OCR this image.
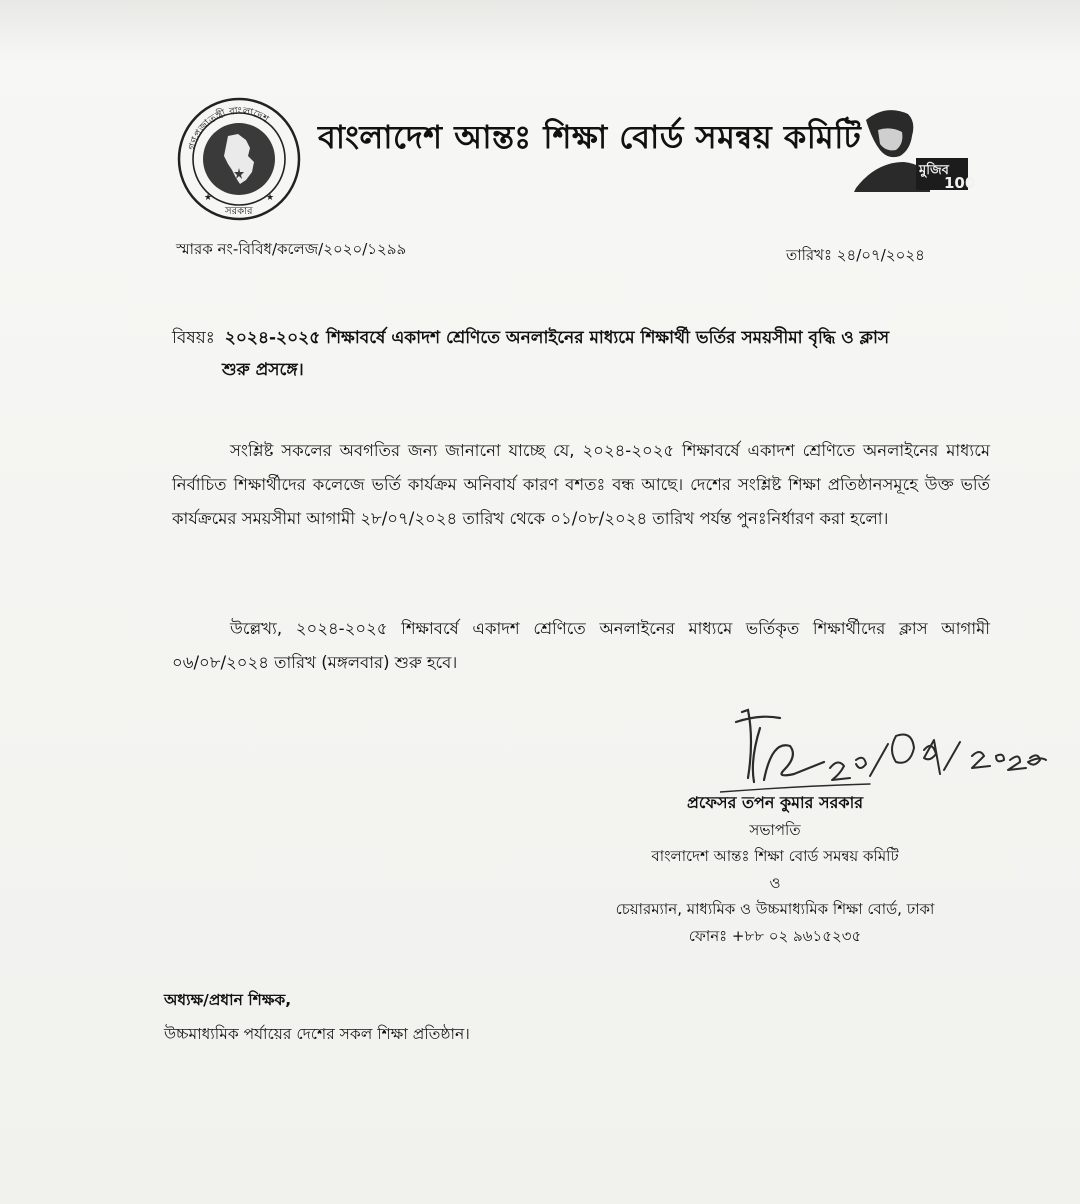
★	★
গণপ্রজাতন্ত্রী বাংলাদেশ
সরকার
বাংলাদেশ আন্তঃ শিক্ষা বোর্ড সমন্বয় কমিটি
মুজিব
100
স্মারক নং-বিবিধ/কলেজ/২০২০/১২৯৯	তারিখঃ ২৪/০৭/২০২৪
বিষয়ঃ ২০২৪-২০২৫ শিক্ষাবর্ষে একাদশ শ্রেণিতে অনলাইনের মাধ্যমে শিক্ষার্থী ভর্তির সময়সীমা বৃদ্ধি ও ক্লাস
শুরু প্রসঙ্গে।
সংশ্লিষ্ট সকলের অবগতির জন্য জানানো যাচ্ছে যে, ২০২৪-২০২৫ শিক্ষাবর্ষে একাদশ শ্রেণিতে অনলাইনের মাধ্যমে নির্বাচিত শিক্ষার্থীদের কলেজে ভর্তি কার্যক্রম অনিবার্য কারণ বশতঃ বন্ধ আছে। দেশের সংশ্লিষ্ট শিক্ষা প্রতিষ্ঠানসমূহে উক্ত ভর্তি কার্যক্রমের সময়সীমা আগামী ২৮/০৭/২০২৪ তারিখ থেকে ০১/০৮/২০২৪ তারিখ পর্যন্ত পুনঃনির্ধারণ করা হলো।
উল্লেখ্য, ২০২৪-২০২৫ শিক্ষাবর্ষে একাদশ শ্রেণিতে অনলাইনের মাধ্যমে ভর্তিকৃত শিক্ষার্থীদের ক্লাস আগামী ০৬/০৮/২০২৪ তারিখ (মঙ্গলবার) শুরু হবে।
প্রফেসর তপন কুমার সরকার
সভাপতি
বাংলাদেশ আন্তঃ শিক্ষা বোর্ড সমন্বয় কমিটি
ও
চেয়ারম্যান, মাধ্যমিক ও উচ্চমাধ্যমিক শিক্ষা বোর্ড, ঢাকা
ফোনঃ +৮৮ ০২ ৯৬১৫২৩৫
অধ্যক্ষ/প্রধান শিক্ষক,
উচ্চমাধ্যমিক পর্যায়ের দেশের সকল শিক্ষা প্রতিষ্ঠান।
